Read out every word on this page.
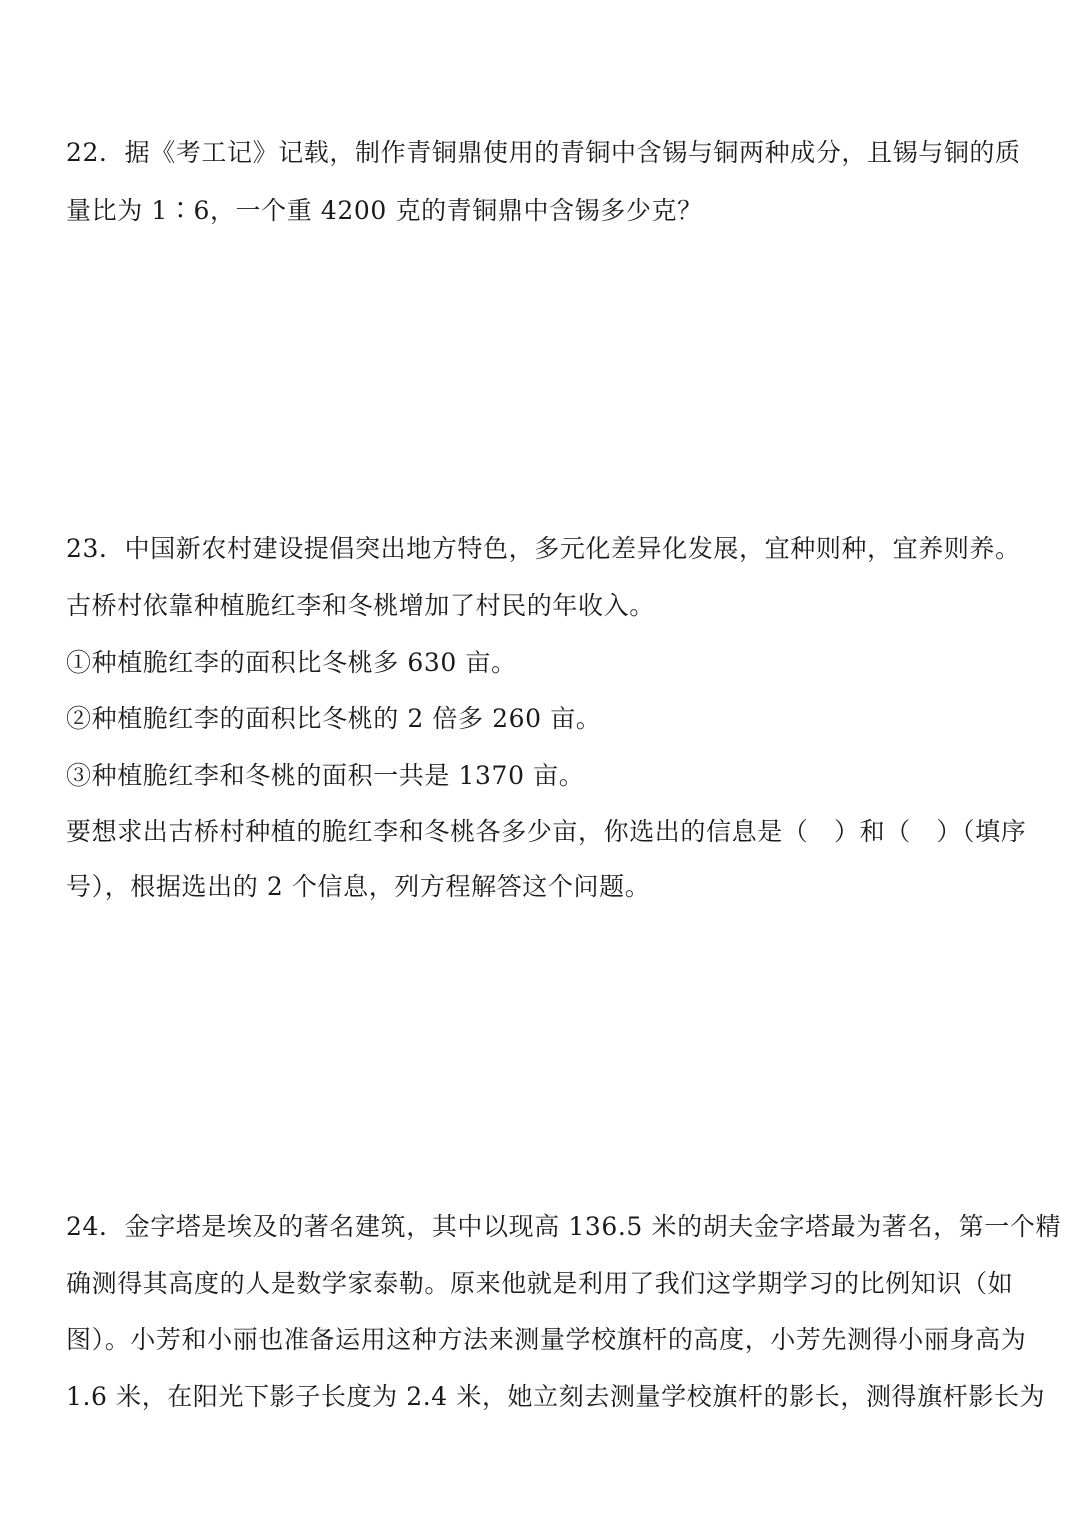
22．据《考工记》记载，制作青铜鼎使用的青铜中含锡与铜两种成分，且锡与铜的质
量比为 1∶6，一个重 4200 克的青铜鼎中含锡多少克？
23．中国新农村建设提倡突出地方特色，多元化差异化发展，宜种则种，宜养则养。
古桥村依靠种植脆红李和冬桃增加了村民的年收入。
①种植脆红李的面积比冬桃多 630 亩。
②种植脆红李的面积比冬桃的 2 倍多 260 亩。
③种植脆红李和冬桃的面积一共是 1370 亩。
要想求出古桥村种植的脆红李和冬桃各多少亩，你选出的信息是（　）和（　）（填序
号），根据选出的 2 个信息，列方程解答这个问题。
24．金字塔是埃及的著名建筑，其中以现高 136.5 米的胡夫金字塔最为著名，第一个精
确测得其高度的人是数学家泰勒。原来他就是利用了我们这学期学习的比例知识（如
图）。小芳和小丽也准备运用这种方法来测量学校旗杆的高度，小芳先测得小丽身高为
1.6 米，在阳光下影子长度为 2.4 米，她立刻去测量学校旗杆的影长，测得旗杆影长为
